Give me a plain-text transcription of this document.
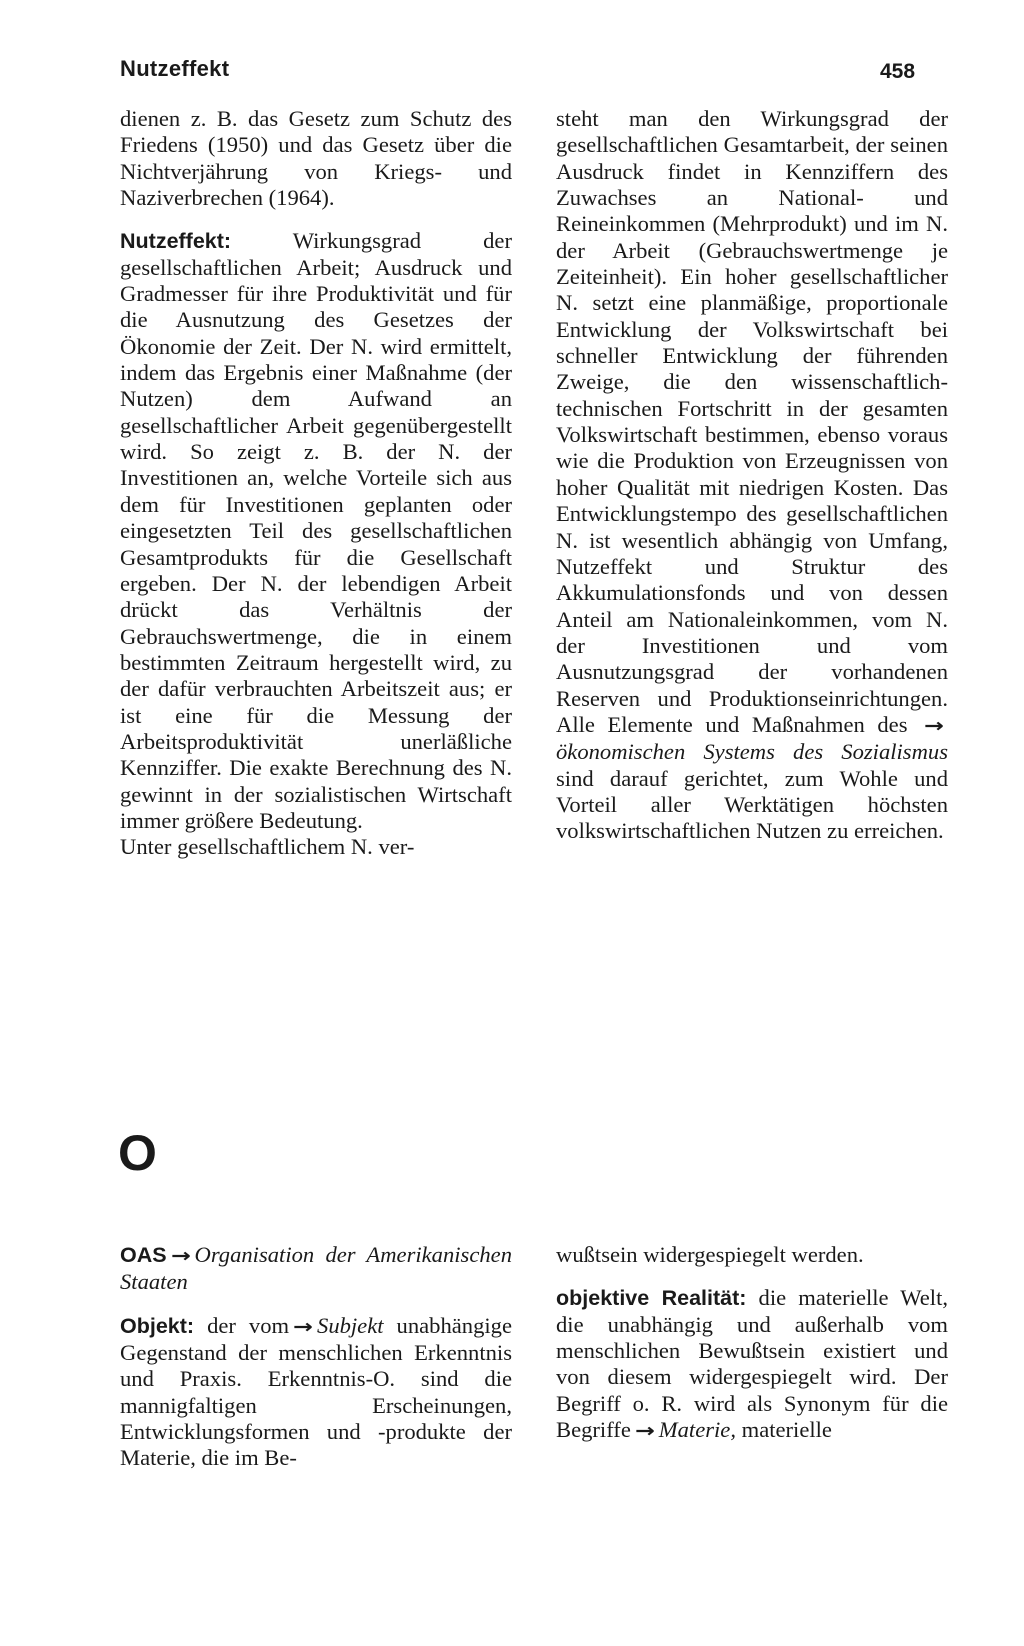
Nutzeffekt	458

dienen z. B. das Gesetz zum Schutz des Friedens (1950) und das Gesetz über die Nichtverjährung von Kriegs- und Naziverbrechen (1964).

Nutzeffekt:	Wirkungsgrad der gesellschaftlichen Arbeit; Ausdruck und Gradmesser für ihre Produktivität und für die Ausnutzung des Gesetzes der Ökonomie der Zeit. Der N. wird ermittelt, indem das Ergebnis einer Maßnahme (der Nutzen) dem Aufwand an gesellschaftlicher Arbeit gegenübergestellt wird. So zeigt z. B. der N. der Investitionen an, welche Vorteile sich aus dem für Investitionen geplanten oder eingesetzten Teil des gesellschaftlichen Gesamtprodukts für die Gesellschaft ergeben. Der N. der lebendigen Arbeit drückt das Verhältnis der Gebrauchswertmenge, die in einem bestimmten Zeitraum hergestellt wird, zu der dafür verbrauchten Arbeitszeit aus; er ist eine für die Messung der Arbeitsproduktivität unerläßliche Kennziffer. Die exakte Berechnung des N. gewinnt in der sozialistischen Wirtschaft immer größere Bedeutung.

Unter gesellschaftlichem N. ver-

steht man den Wirkungsgrad der gesellschaftlichen Gesamtarbeit, der seinen Ausdruck findet in Kennziffern des Zuwachses an National- und Reineinkommen (Mehrprodukt) und im N. der Arbeit (Gebrauchswertmenge je Zeiteinheit). Ein hoher gesellschaftlicher N. setzt eine planmäßige, proportionale Entwicklung der Volkswirtschaft bei schneller Entwicklung der führenden Zweige, die den wissenschaftlich-technischen Fortschritt in der gesamten Volkswirtschaft bestimmen, ebenso voraus wie die Produktion von Erzeugnissen von hoher Qualität mit niedrigen Kosten. Das Entwicklungstempo des gesellschaftlichen N. ist wesentlich abhängig von Umfang, Nutzeffekt und Struktur des Akkumulationsfonds und von dessen Anteil am Nationaleinkommen, vom N. der Investitionen und vom Ausnutzungsgrad der vorhandenen Reserven und Produktionseinrichtungen. Alle Elemente und Maßnahmen des → ökonomischen Systems des Sozialismus sind darauf gerichtet, zum Wohle und Vorteil aller Werktätigen höchsten volkswirtschaftlichen Nutzen zu erreichen.

O

OAS → Organisation der Amerikanischen Staaten

Objekt: der vom → Subjekt unabhängige Gegenstand der menschlichen Erkenntnis und Praxis. Erkenntnis-O. sind die mannigfaltigen Erscheinungen, Entwicklungsformen und -produkte der Materie, die im Be-

wußtsein widergespiegelt werden.

objektive Realität: die materielle Welt, die unabhängig und außerhalb vom menschlichen Bewußtsein existiert und von diesem widergespiegelt wird. Der Begriff o. R. wird als Synonym für die Begriffe → Materie, materielle
